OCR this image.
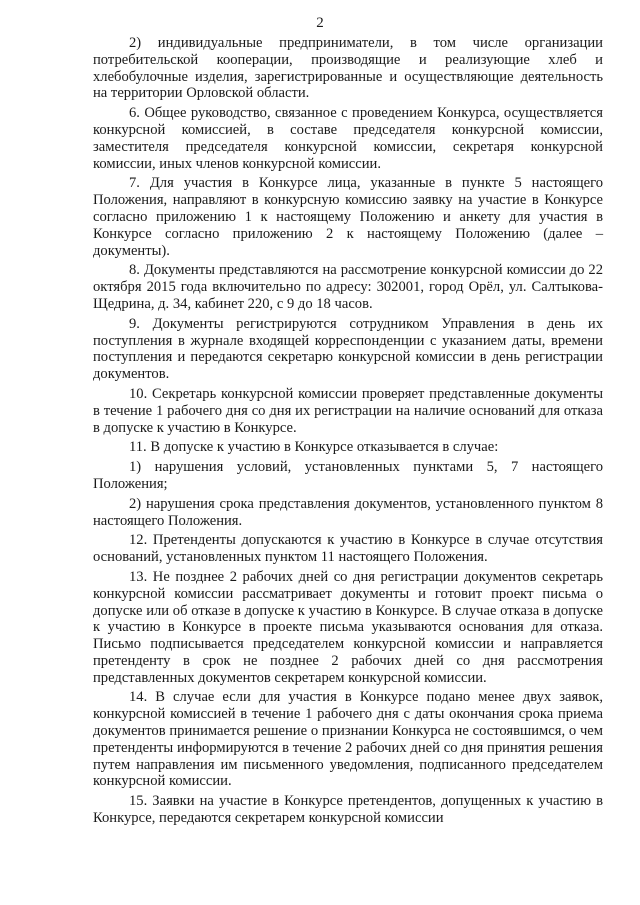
2

2) индивидуальные предприниматели, в том числе организации потребительской кооперации, производящие и реализующие хлеб и хлебобулочные изделия, зарегистрированные и осуществляющие деятельность на территории Орловской области.

6. Общее руководство, связанное с проведением Конкурса, осуществляется конкурсной комиссией, в составе председателя конкурсной комиссии, заместителя председателя конкурсной комиссии, секретаря конкурсной комиссии, иных членов конкурсной комиссии.

7. Для участия в Конкурсе лица, указанные в пункте 5 настоящего Положения, направляют в конкурсную комиссию заявку на участие в Конкурсе согласно приложению 1 к настоящему Положению и анкету для участия в Конкурсе согласно приложению 2 к настоящему Положению (далее – документы).

8. Документы представляются на рассмотрение конкурсной комиссии до 22 октября 2015 года включительно по адресу: 302001, город Орёл, ул. Салтыкова-Щедрина, д. 34, кабинет 220, с 9 до 18 часов.

9. Документы регистрируются сотрудником Управления в день их поступления в журнале входящей корреспонденции с указанием даты, времени поступления и передаются секретарю конкурсной комиссии в день регистрации документов.

10. Секретарь конкурсной комиссии проверяет представленные документы в течение 1 рабочего дня со дня их регистрации на наличие оснований для отказа в допуске к участию в Конкурсе.

11. В допуске к участию в Конкурсе отказывается в случае:

1) нарушения условий, установленных пунктами 5, 7 настоящего Положения;

2) нарушения срока представления документов, установленного пунктом 8 настоящего Положения.

12. Претенденты допускаются к участию в Конкурсе в случае отсутствия оснований, установленных пунктом 11 настоящего Положения.

13. Не позднее 2 рабочих дней со дня регистрации документов секретарь конкурсной комиссии рассматривает документы и готовит проект письма о допуске или об отказе в допуске к участию в Конкурсе. В случае отказа в допуске к участию в Конкурсе в проекте письма указываются основания для отказа. Письмо подписывается председателем конкурсной комиссии и направляется претенденту в срок не позднее 2 рабочих дней со дня рассмотрения представленных документов секретарем конкурсной комиссии.

14. В случае если для участия в Конкурсе подано менее двух заявок, конкурсной комиссией в течение 1 рабочего дня с даты окончания срока приема документов принимается решение о признании Конкурса не состоявшимся, о чем претенденты информируются в течение 2 рабочих дней со дня принятия решения путем направления им письменного уведомления, подписанного председателем конкурсной комиссии.

15. Заявки на участие в Конкурсе претендентов, допущенных к участию в Конкурсе, передаются секретарем конкурсной комиссии
